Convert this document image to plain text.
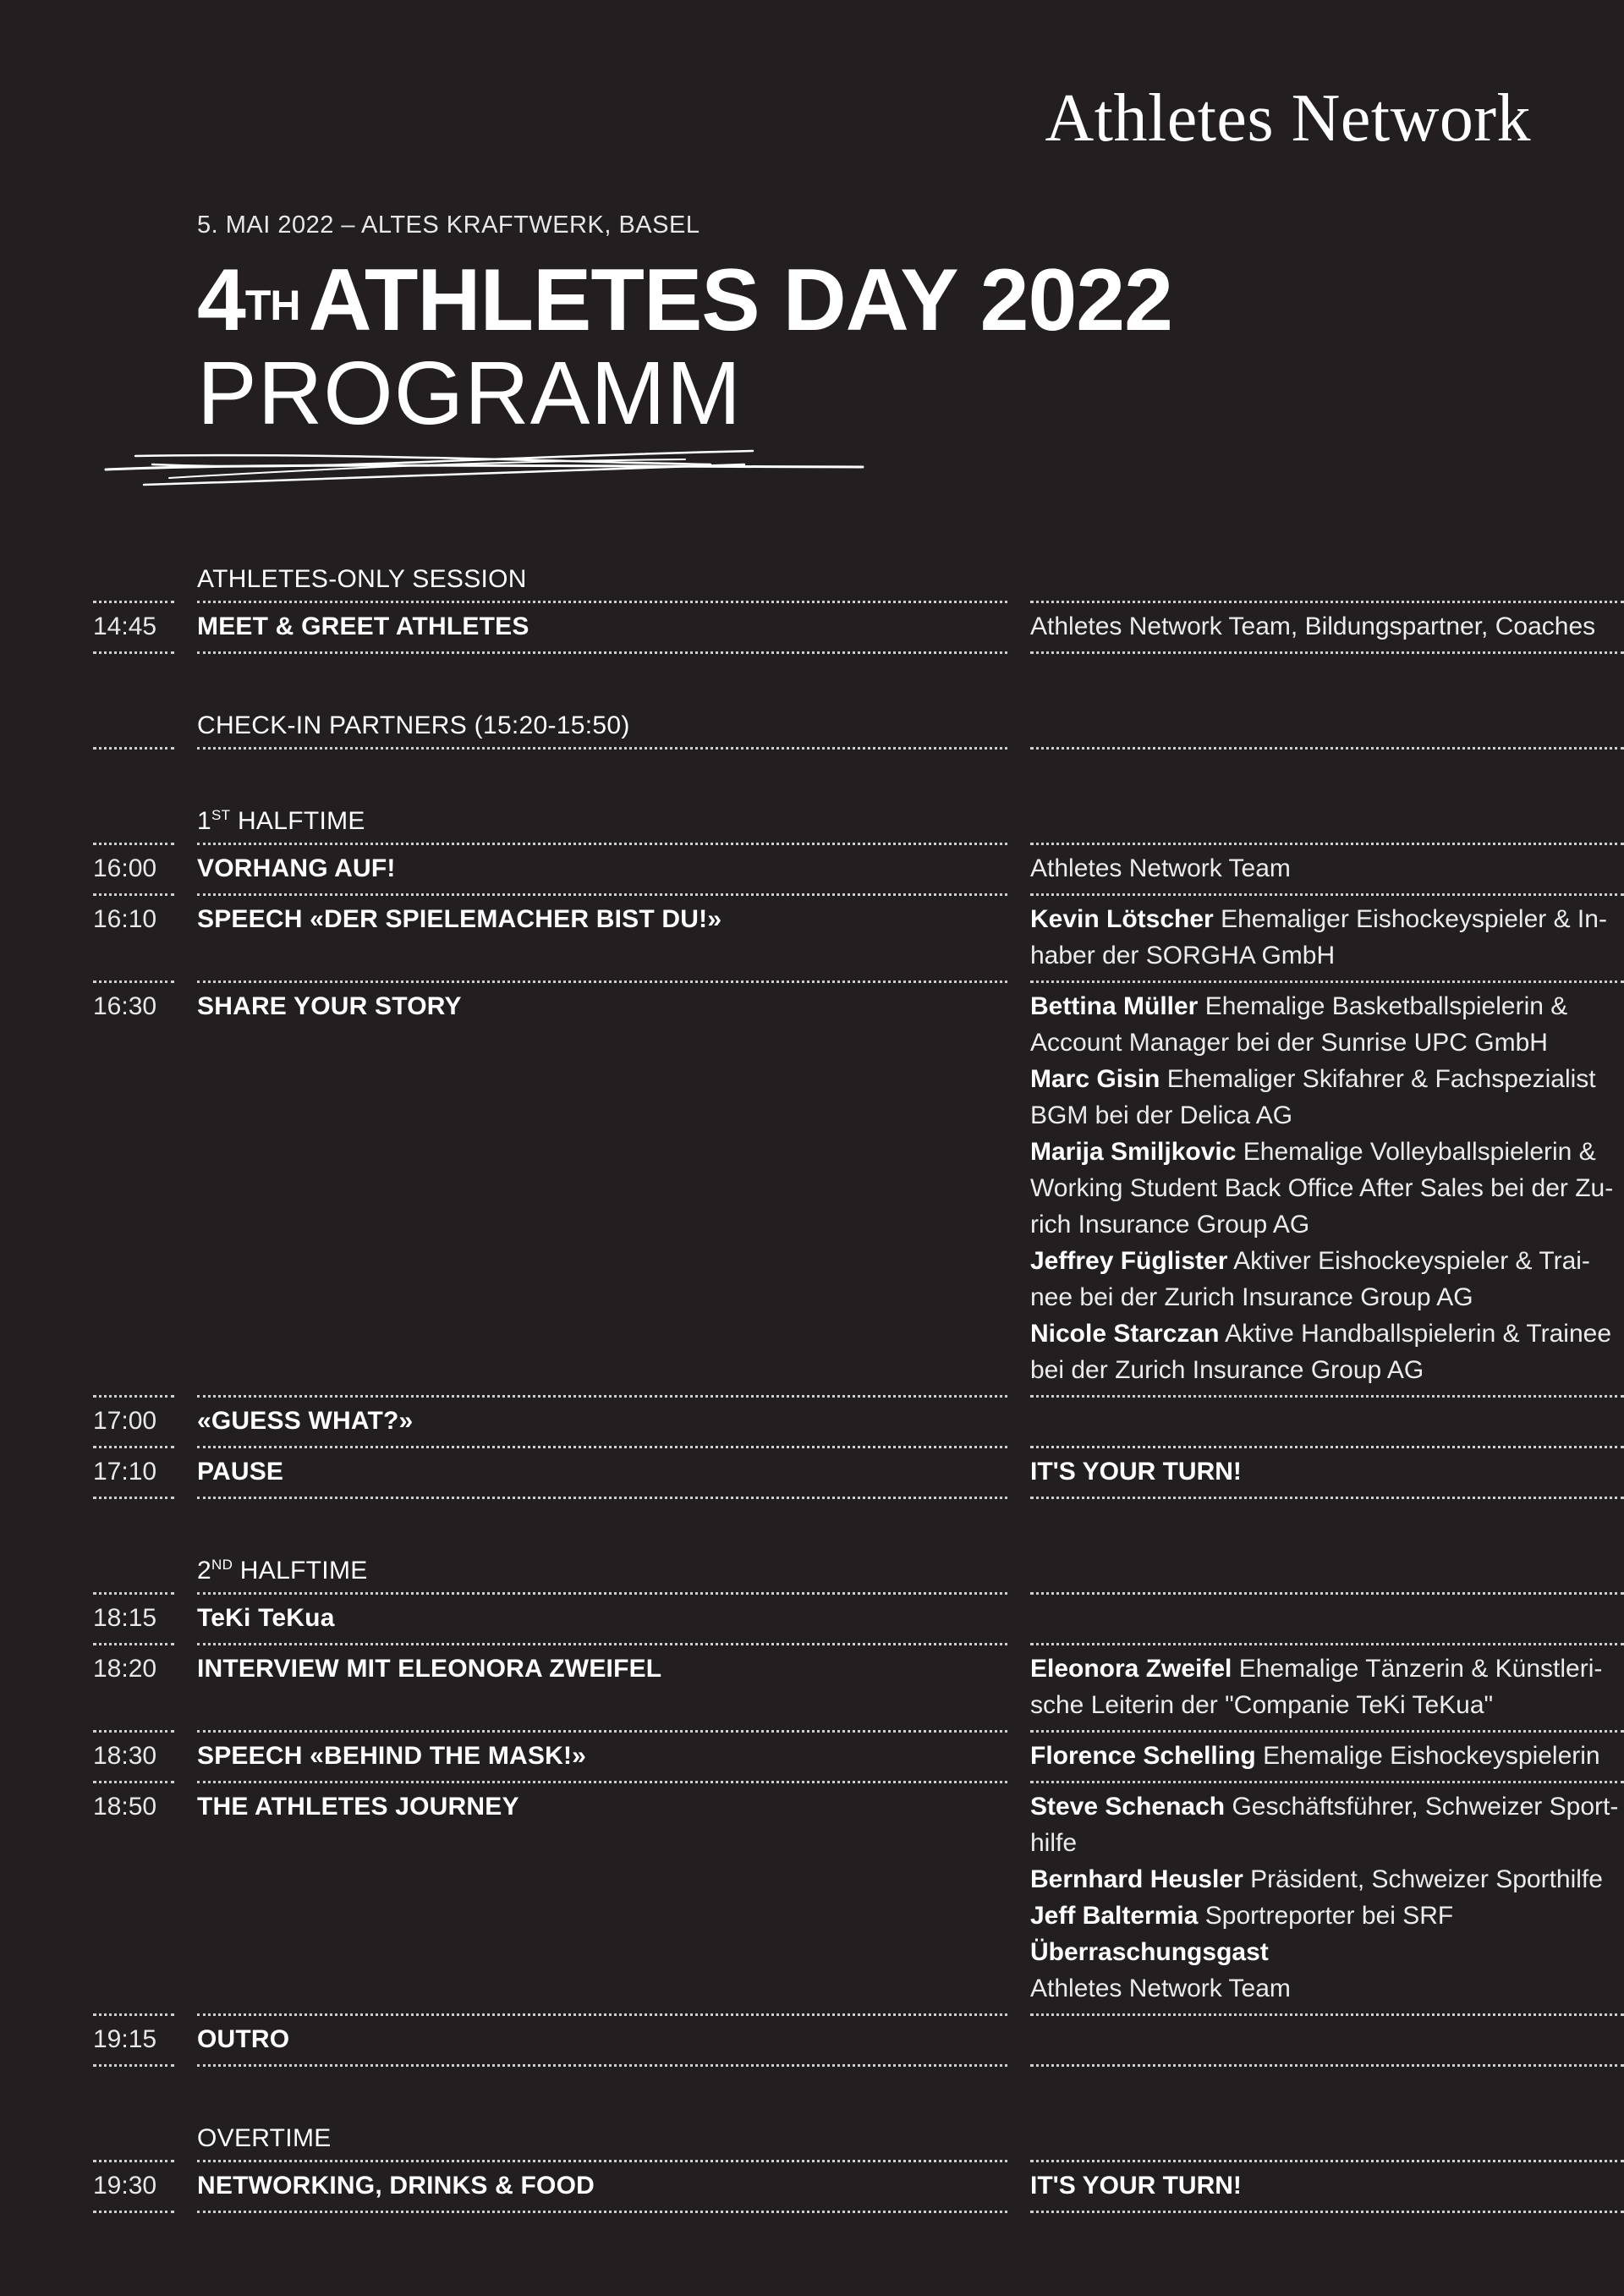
Athletes Network
5. MAI 2022 – ALTES KRAFTWERK, BASEL
4THATHLETES DAY 2022
PROGRAMM
ATHLETES-ONLY SESSION
14:45	MEET & GREET ATHLETES	Athletes Network Team, Bildungspartner, Coaches
CHECK-IN PARTNERS (15:20-15:50)
1ST HALFTIME
16:00	VORHANG AUF!	Athletes Network Team
16:10	SPEECH «DER SPIELEMACHER BIST DU!»	Kevin Lötscher Ehemaliger Eishockeyspieler & In-
haber der SORGHA GmbH
16:30	SHARE YOUR STORY	Bettina Müller Ehemalige Basketballspielerin &
Account Manager bei der Sunrise UPC GmbH
Marc Gisin Ehemaliger Skifahrer & Fachspezialist
BGM bei der Delica AG
Marija Smiljkovic Ehemalige Volleyballspielerin &
Working Student Back Office After Sales bei der Zu-
rich Insurance Group AG
Jeffrey Füglister Aktiver Eishockeyspieler & Trai-
nee bei der Zurich Insurance Group AG
Nicole Starczan Aktive Handballspielerin & Trainee
bei der Zurich Insurance Group AG
17:00	«GUESS WHAT?»
17:10	PAUSE	IT'S YOUR TURN!
2ND HALFTIME
18:15	TeKi TeKua
18:20	INTERVIEW MIT ELEONORA ZWEIFEL	Eleonora Zweifel Ehemalige Tänzerin & Künstleri-
sche Leiterin der "Companie TeKi TeKua"
18:30	SPEECH «BEHIND THE MASK!»	Florence Schelling Ehemalige Eishockeyspielerin
18:50	THE ATHLETES JOURNEY	Steve Schenach Geschäftsführer, Schweizer Sport-
hilfe
Bernhard Heusler Präsident, Schweizer Sporthilfe
Jeff Baltermia Sportreporter bei SRF
Überraschungsgast
Athletes Network Team
19:15	OUTRO
OVERTIME
19:30	NETWORKING, DRINKS & FOOD	IT'S YOUR TURN!
